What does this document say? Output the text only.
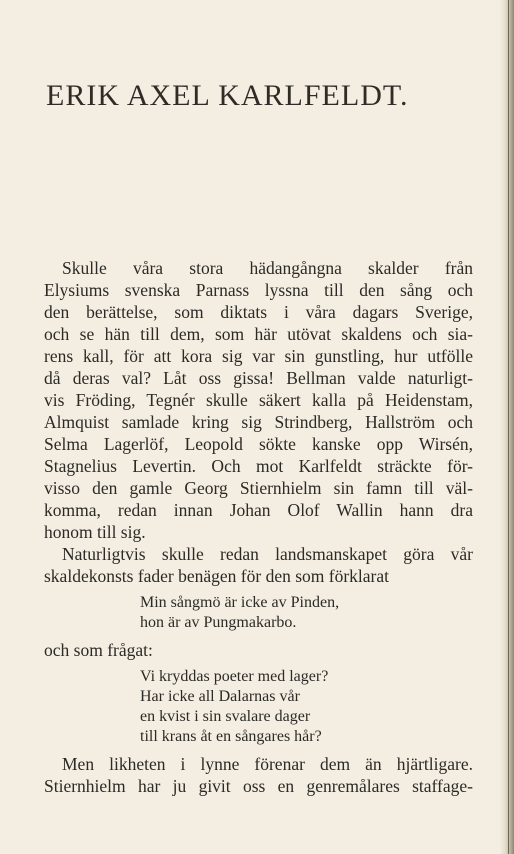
ERIK AXEL KARLFELDT.
Skulle våra stora hädangångna skalder från
Elysiums svenska Parnass lyssna till den sång och
den berättelse, som diktats i våra dagars Sverige,
och se hän till dem, som här utövat skaldens och sia-
rens kall, för att kora sig var sin gunstling, hur utfölle
då deras val? Låt oss gissa! Bellman valde naturligt-
vis Fröding, Tegnér skulle säkert kalla på Heidenstam,
Almquist samlade kring sig Strindberg, Hallström och
Selma Lagerlöf, Leopold sökte kanske opp Wirsén,
Stagnelius Levertin. Och mot Karlfeldt sträckte för-
visso den gamle Georg Stiernhielm sin famn till väl-
komma, redan innan Johan Olof Wallin hann dra
honom till sig.
Naturligtvis skulle redan landsmanskapet göra vår
skaldekonsts fader benägen för den som förklarat
Min sångmö är icke av Pinden,
hon är av Pungmakarbo.
och som frågat:
Vi kryddas poeter med lager?
Har icke all Dalarnas vår
en kvist i sin svalare dager
till krans åt en sångares hår?
Men likheten i lynne förenar dem än hjärtligare.
Stiernhielm har ju givit oss en genremålares staffage-
